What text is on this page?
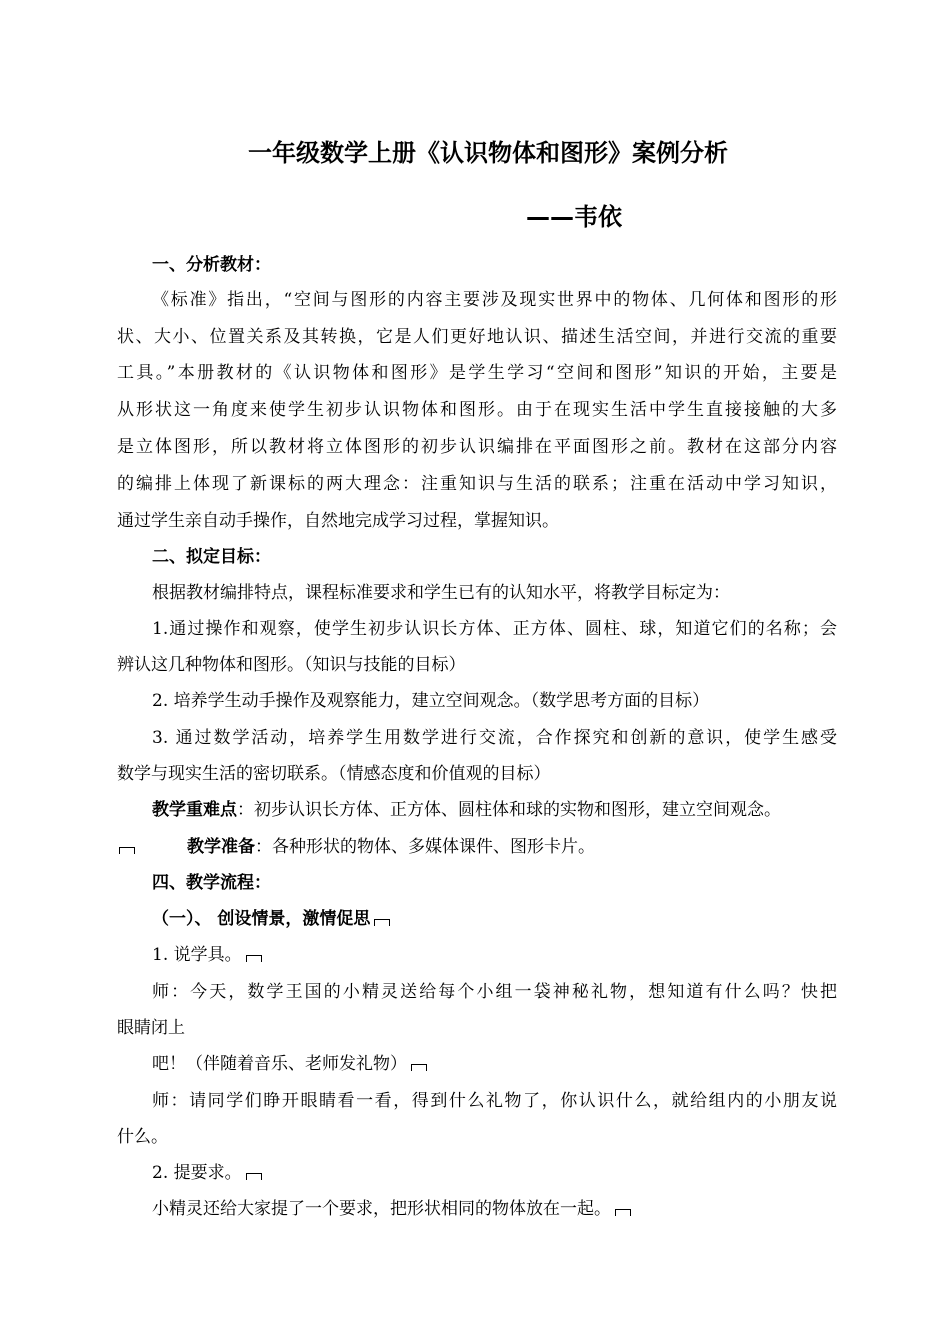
一年级数学上册《认识物体和图形》案例分析
——韦依
一、分析教材：
《标准》指出，“空间与图形的内容主要涉及现实世界中的物体、几何体和图形的形
状、大小、位置关系及其转换，它是人们更好地认识、描述生活空间，并进行交流的重要
工具。”本册教材的《认识物体和图形》是学生学习“空间和图形”知识的开始，主要是
从形状这一角度来使学生初步认识物体和图形。由于在现实生活中学生直接接触的大多
是立体图形，所以教材将立体图形的初步认识编排在平面图形之前。教材在这部分内容
的编排上体现了新课标的两大理念：注重知识与生活的联系；注重在活动中学习知识，
通过学生亲自动手操作，自然地完成学习过程，掌握知识。
二、拟定目标：
根据教材编排特点，课程标准要求和学生已有的认知水平，将教学目标定为：
1.通过操作和观察，使学生初步认识长方体、正方体、圆柱、球，知道它们的名称；会
辨认这几种物体和图形。（知识与技能的目标）
2. 培养学生动手操作及观察能力，建立空间观念。（数学思考方面的目标）
3. 通过数学活动，培养学生用数学进行交流，合作探究和创新的意识，使学生感受
数学与现实生活的密切联系。（情感态度和价值观的目标）
教学重难点：初步认识长方体、正方体、圆柱体和球的实物和图形，建立空间观念。
教学准备：各种形状的物体、多媒体课件、图形卡片。
四、教学流程：
（一）、 创设情景，激情促思
1. 说学具。
师：今天，数学王国的小精灵送给每个小组一袋神秘礼物，想知道有什么吗？快把
眼睛闭上
吧！（伴随着音乐、老师发礼物）
师：请同学们睁开眼睛看一看，得到什么礼物了，你认识什么，就给组内的小朋友说
什么。
2. 提要求。
小精灵还给大家提了一个要求，把形状相同的物体放在一起。
